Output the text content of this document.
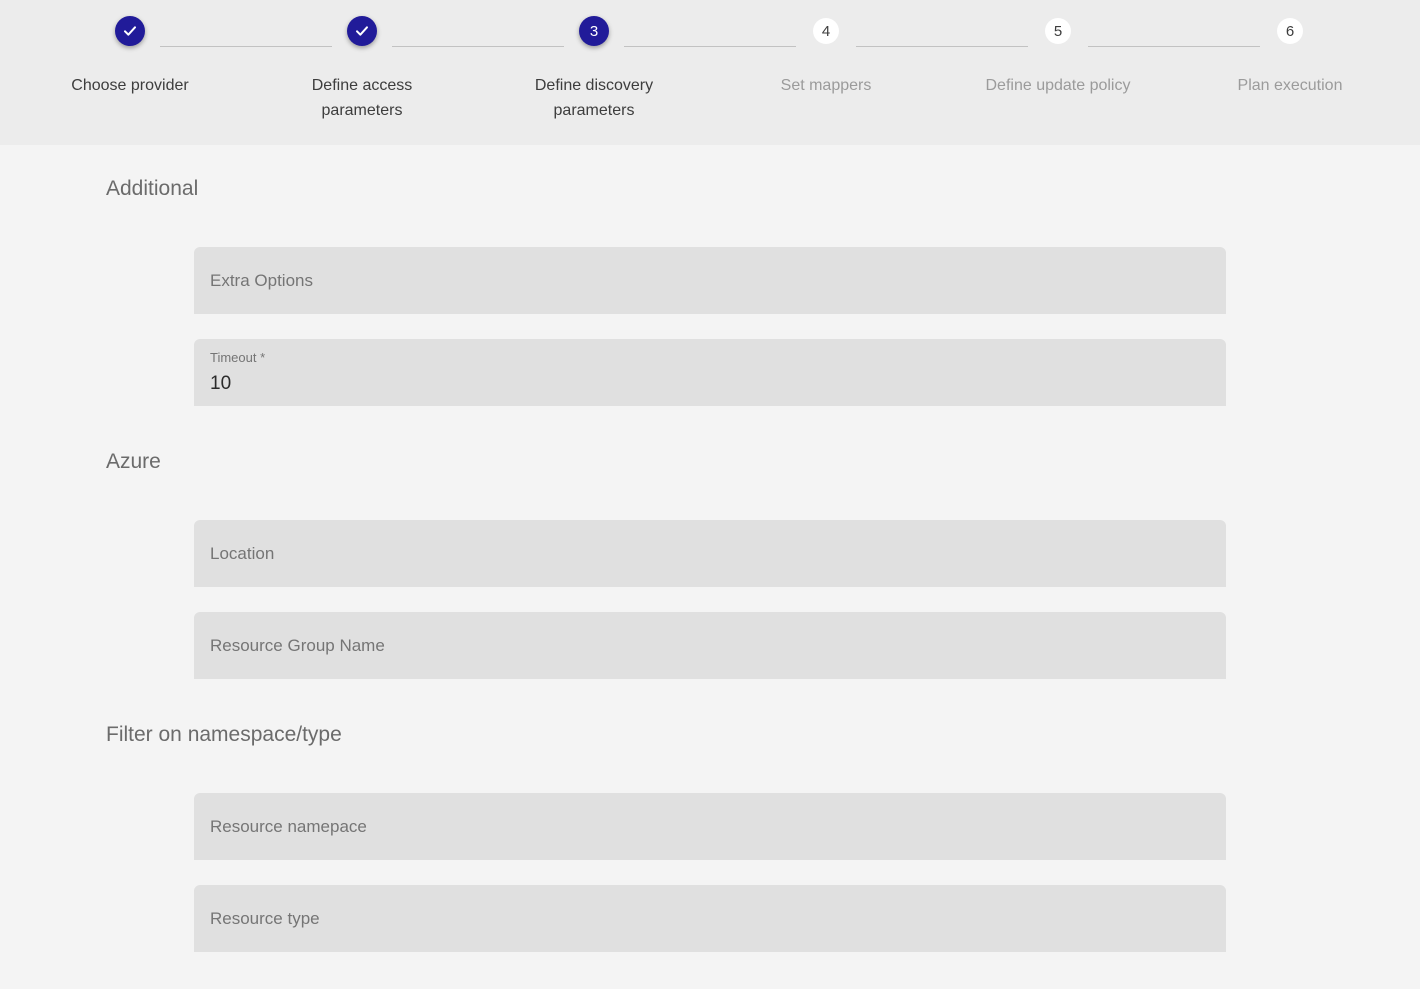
Choose provider	Define access parameters
3
Define discovery parameters
4
Set mappers
5
Define update policy
6
Plan execution
Additional
Extra Options
Timeout *
10
Azure
Location
Resource Group Name
Filter on namespace/type
Resource namepace
Resource type
